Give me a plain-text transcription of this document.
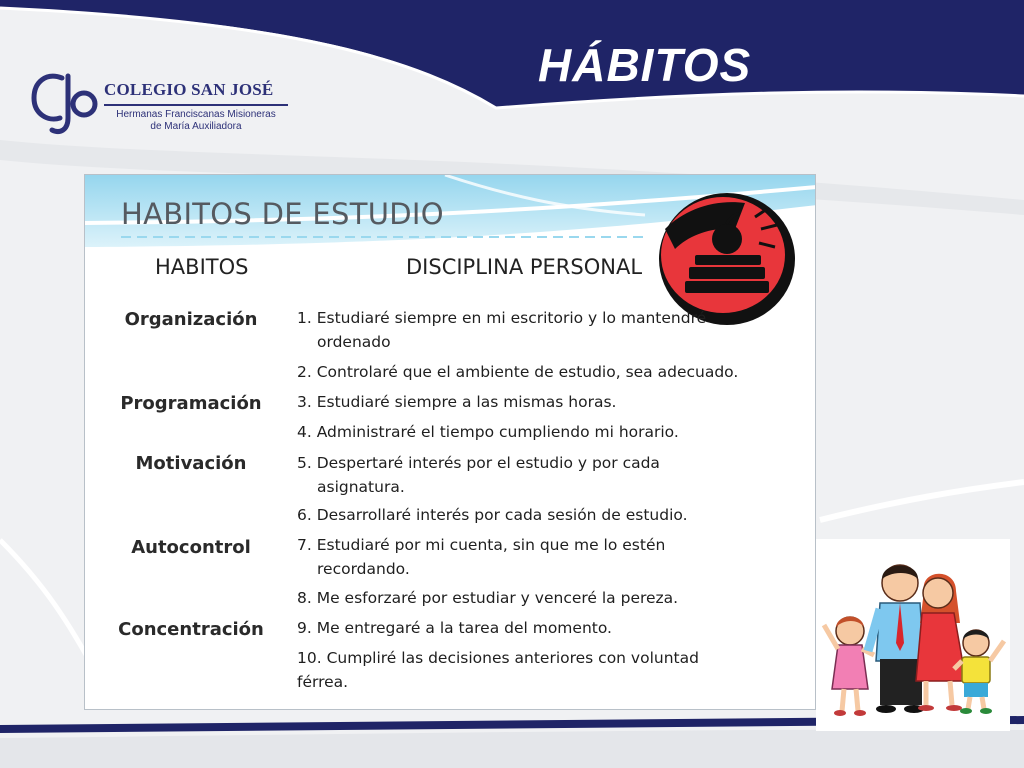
HÁBITOS
COLEGIO SAN JOSÉ
Hermanas Franciscanas Misioneras
de María Auxiliadora
HABITOS DE ESTUDIO
HABITOS	DISCIPLINA PERSONAL
Organización
Programación
Motivación
Autocontrol
Concentración
1. Estudiaré siempre en mi escritorio y lo mantendré
ordenado
2. Controlaré que el ambiente de estudio, sea adecuado.
3. Estudiaré siempre a las mismas horas.
4. Administraré el tiempo cumpliendo mi horario.
5. Despertaré interés por el estudio y por cada
asignatura.
6. Desarrollaré interés por cada sesión de estudio.
7. Estudiaré por mi cuenta, sin que me lo estén
recordando.
8. Me esforzaré por estudiar y venceré la pereza.
9. Me entregaré a la tarea del momento.
10. Cumpliré las decisiones anteriores con voluntad
férrea.
